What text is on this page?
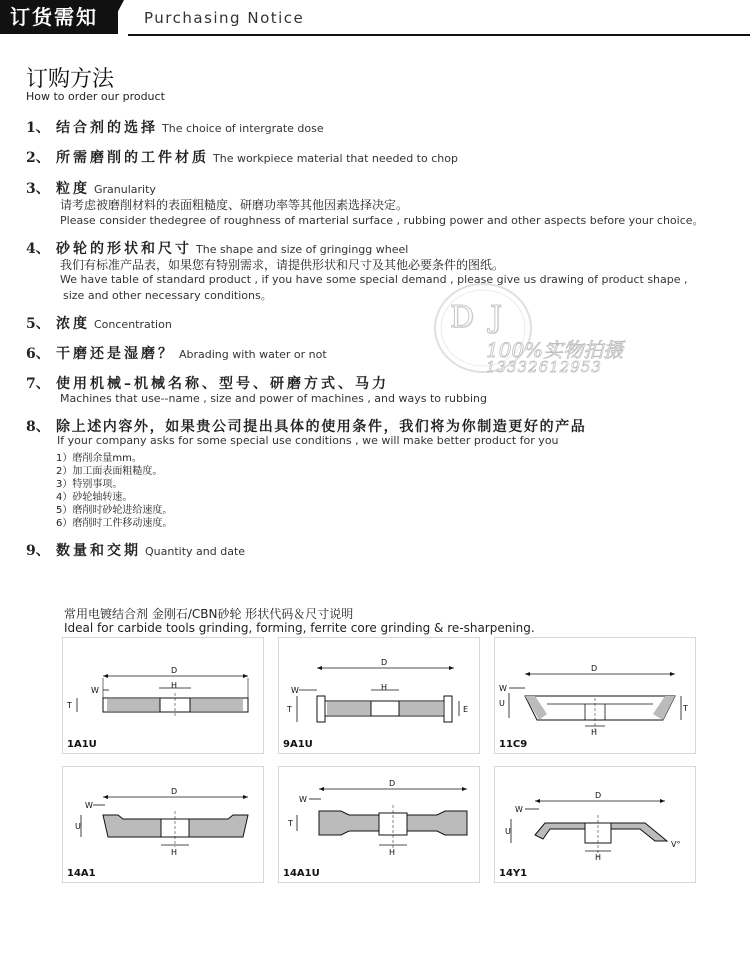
订货需知	Purchasing Notice
订购方法
How to order our product
1、 结合剂的选择 The choice of intergrate dose
2、 所需磨削的工件材质 The workpiece material that needed to chop
3、 粒度 Granularity
请考虑被磨削材料的表面粗糙度、研磨功率等其他因素选择决定。
Please consider thedegree of roughness of marterial surface , rubbing power and other aspects before your choice。
4、 砂轮的形状和尺寸 The shape and size of gringingg wheel
我们有标准产品表，如果您有特别需求，请提供形状和尺寸及其他必要条件的图纸。
We have table of standard product , if you have some special demand , please give us drawing of product shape ,
size and other necessary conditions。
5、 浓度 Concentration
6、 干磨还是湿磨？ Abrading with water or not
7、 使用机械–机械名称、型号、研磨方式、马力
Machines that use--name , size and power of machines , and ways to rubbing
8、 除上述内容外，如果贵公司提出具体的使用条件，我们将为你制造更好的产品
If your company asks for some special use conditions , we will make better product for you
1）磨削余量mm。
2）加工面表面粗糙度。
3）特别事项。
4）砂轮轴转速。
5）磨削时砂轮进给速度。
6）磨削时工件移动速度。
9、 数量和交期 Quantity and date
DJ
100%实物拍摄
13332612953
常用电镀结合剂 金刚石/CBN砂轮 形状代码＆尺寸说明
Ideal for carbide tools grinding, forming, ferrite core grinding & re-sharpening.
D
W
H
T
1A1U
D
W	H
T	E
9A1U
D
W
U
T
H
11C9
D
W
U
H
14A1
D
W
T
H
14A1U
D
W
U
H
V°
14Y1
